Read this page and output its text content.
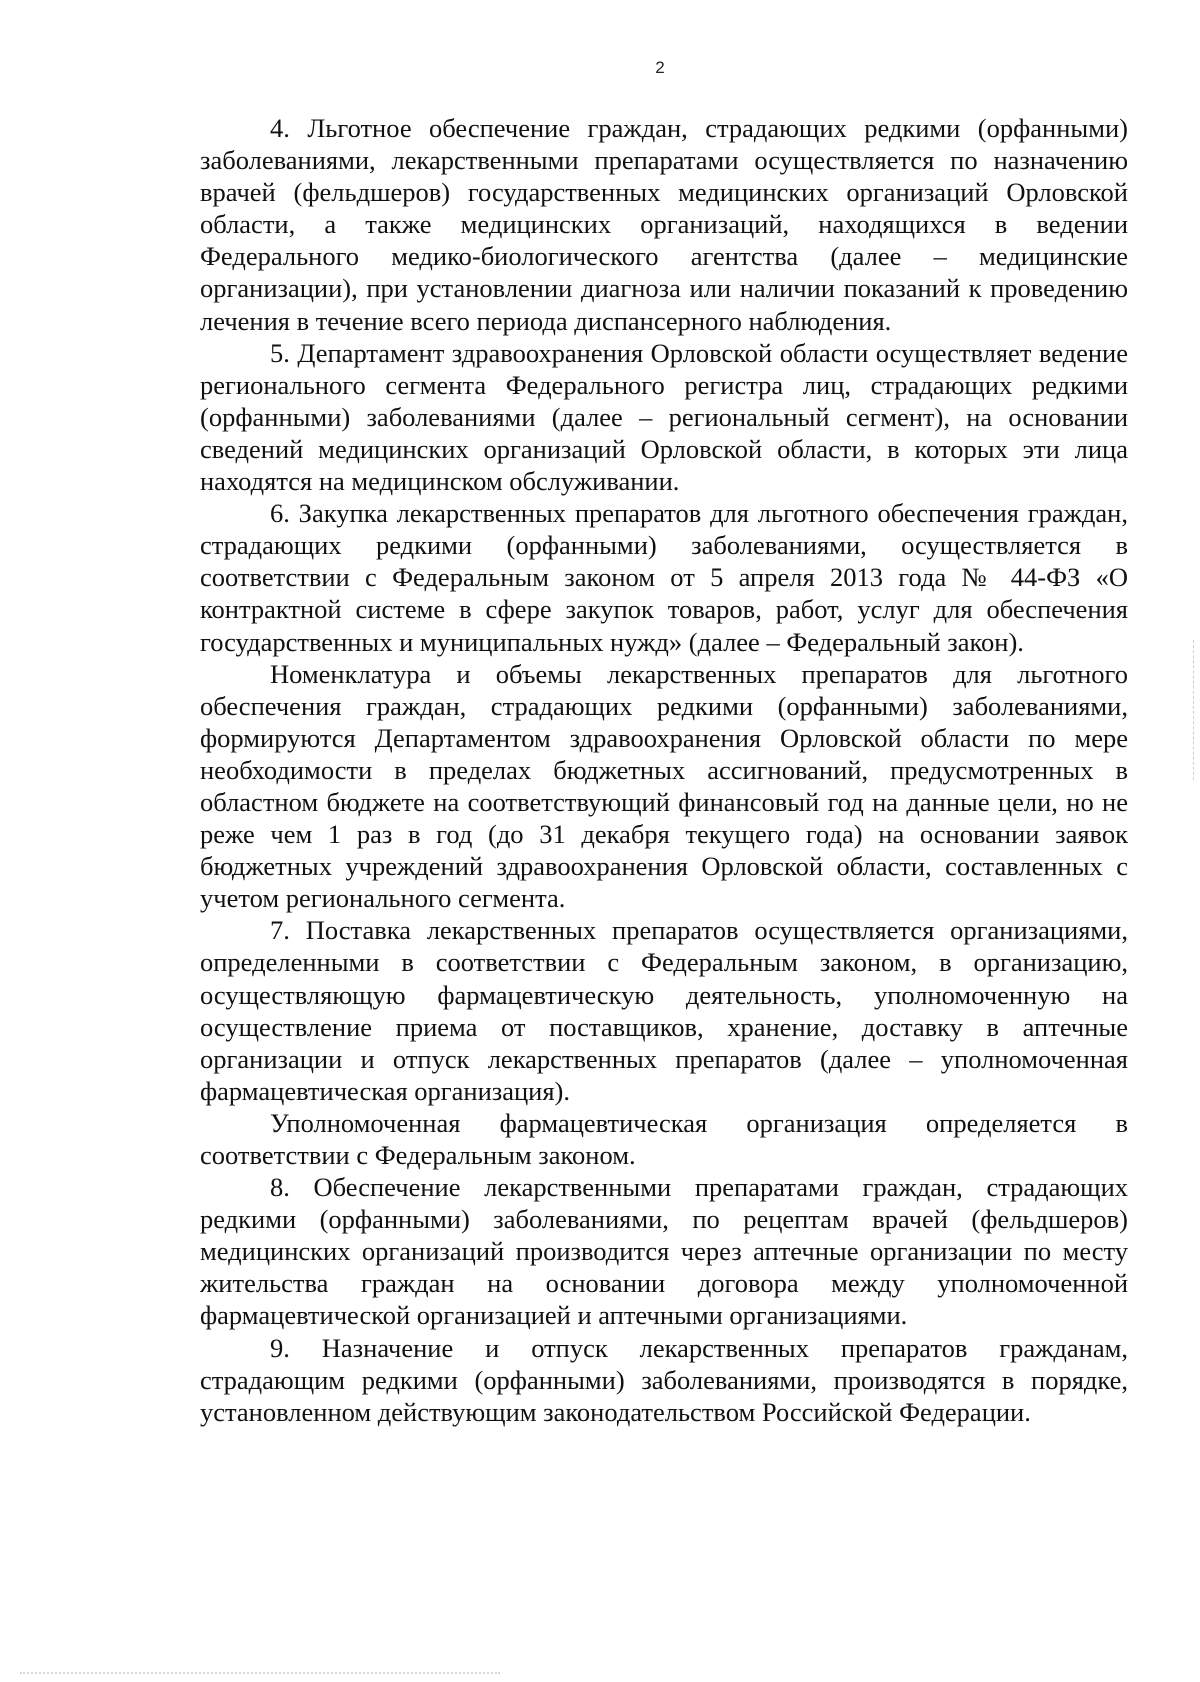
2

4. Льготное обеспечение граждан, страдающих редкими (орфанными) заболеваниями, лекарственными препаратами осуществляется по назначению врачей (фельдшеров) государственных медицинских организаций Орловской области, а также медицинских организаций, находящихся в ведении Федерального медико-биологического агентства (далее – медицинские организации), при установлении диагноза или наличии показаний к проведению лечения в течение всего периода диспансерного наблюдения.

5. Департамент здравоохранения Орловской области осуществляет ведение регионального сегмента Федерального регистра лиц, страдающих редкими (орфанными) заболеваниями (далее – региональный сегмент), на основании сведений медицинских организаций Орловской области, в которых эти лица находятся на медицинском обслуживании.

6. Закупка лекарственных препаратов для льготного обеспечения граждан, страдающих редкими (орфанными) заболеваниями, осуществляется в соответствии с Федеральным законом от 5 апреля 2013 года № 44-ФЗ «О контрактной системе в сфере закупок товаров, работ, услуг для обеспечения государственных и муниципальных нужд» (далее – Федеральный закон).

Номенклатура и объемы лекарственных препаратов для льготного обеспечения граждан, страдающих редкими (орфанными) заболеваниями, формируются Департаментом здравоохранения Орловской области по мере необходимости в пределах бюджетных ассигнований, предусмотренных в областном бюджете на соответствующий финансовый год на данные цели, но не реже чем 1 раз в год (до 31 декабря текущего года) на основании заявок бюджетных учреждений здравоохранения Орловской области, составленных с учетом регионального сегмента.

7. Поставка лекарственных препаратов осуществляется организациями, определенными в соответствии с Федеральным законом, в организацию, осуществляющую фармацевтическую деятельность, уполномоченную на осуществление приема от поставщиков, хранение, доставку в аптечные организации и отпуск лекарственных препаратов (далее – уполномоченная фармацевтическая организация).

Уполномоченная фармацевтическая организация определяется в соответствии с Федеральным законом.

8. Обеспечение лекарственными препаратами граждан, страдающих редкими (орфанными) заболеваниями, по рецептам врачей (фельдшеров) медицинских организаций производится через аптечные организации по месту жительства граждан на основании договора между уполномоченной фармацевтической организацией и аптечными организациями.

9. Назначение и отпуск лекарственных препаратов гражданам, страдающим редкими (орфанными) заболеваниями, производятся в порядке, установленном действующим законодательством Российской Федерации.
